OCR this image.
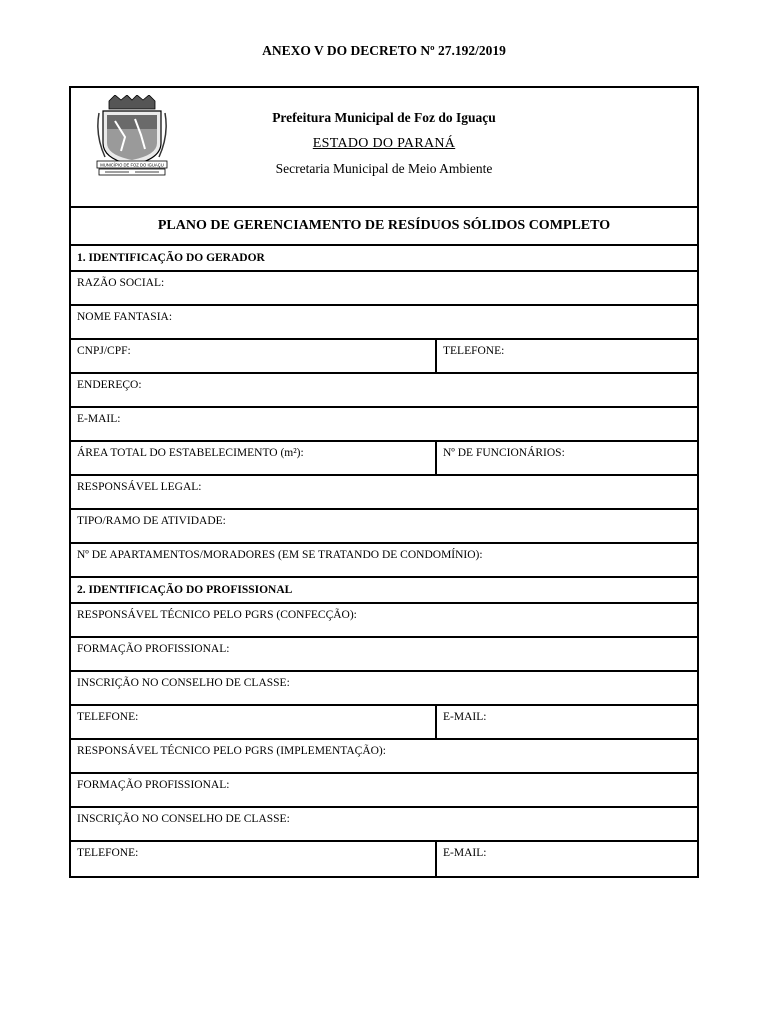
ANEXO V DO DECRETO Nº 27.192/2019
MUNICÍPIO DE FOZ DO IGUAÇU
Prefeitura Municipal de Foz do Iguaçu
ESTADO DO PARANÁ
Secretaria Municipal de Meio Ambiente
PLANO DE GERENCIAMENTO DE RESÍDUOS SÓLIDOS COMPLETO
1. IDENTIFICAÇÃO DO GERADOR
RAZÃO SOCIAL:
NOME FANTASIA:
CNPJ/CPF:	TELEFONE:
ENDEREÇO:
E-MAIL:
ÁREA TOTAL DO ESTABELECIMENTO (m²):	Nº DE FUNCIONÁRIOS:
RESPONSÁVEL LEGAL:
TIPO/RAMO DE ATIVIDADE:
Nº DE APARTAMENTOS/MORADORES (EM SE TRATANDO DE CONDOMÍNIO):
2. IDENTIFICAÇÃO DO PROFISSIONAL
RESPONSÁVEL TÉCNICO PELO PGRS (CONFECÇÃO):
FORMAÇÃO PROFISSIONAL:
INSCRIÇÃO NO CONSELHO DE CLASSE:
TELEFONE:	E-MAIL:
RESPONSÁVEL TÉCNICO PELO PGRS (IMPLEMENTAÇÃO):
FORMAÇÃO PROFISSIONAL:
INSCRIÇÃO NO CONSELHO DE CLASSE:
TELEFONE:	E-MAIL:
